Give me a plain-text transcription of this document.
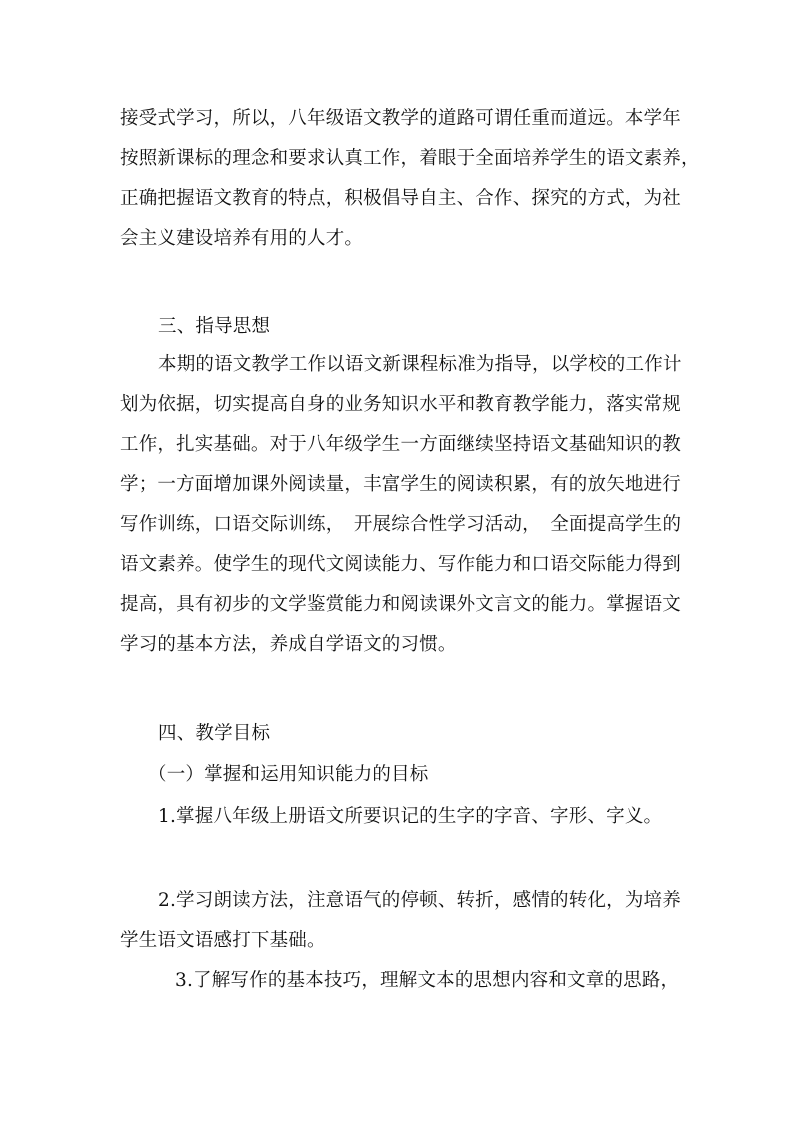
接受式学习，所以，八年级语文教学的道路可谓任重而道远。本学年
按照新课标的理念和要求认真工作，着眼于全面培养学生的语文素养，
正确把握语文教育的特点，积极倡导自主、合作、探究的方式，为社
会主义建设培养有用的人才。
三、指导思想
本期的语文教学工作以语文新课程标准为指导，以学校的工作计
划为依据，切实提高自身的业务知识水平和教育教学能力，落实常规
工作，扎实基础。对于八年级学生一方面继续坚持语文基础知识的教
学；一方面增加课外阅读量，丰富学生的阅读积累，有的放矢地进行
写作训练，口语交际训练，　开展综合性学习活动，　全面提高学生的
语文素养。使学生的现代文阅读能力、写作能力和口语交际能力得到
提高，具有初步的文学鉴赏能力和阅读课外文言文的能力。掌握语文
学习的基本方法，养成自学语文的习惯。
四、教学目标
（一）掌握和运用知识能力的目标
1.掌握八年级上册语文所要识记的生字的字音、字形、字义。
2.学习朗读方法，注意语气的停顿、转折，感情的转化，为培养
学生语文语感打下基础。
3.了解写作的基本技巧，理解文本的思想内容和文章的思路，
